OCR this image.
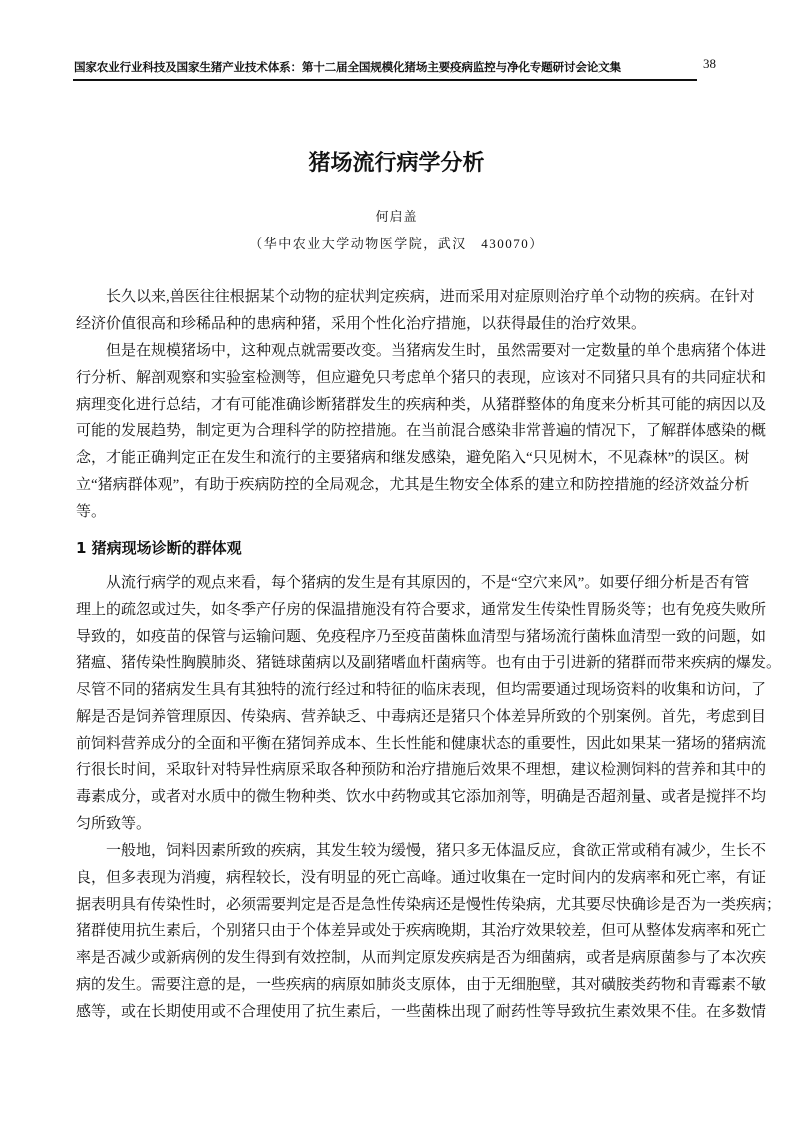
国家农业行业科技及国家生猪产业技术体系：第十二届全国规模化猪场主要疫病监控与净化专题研讨会论文集	38
猪场流行病学分析
何启盖
（华中农业大学动物医学院，武汉　430070）
长久以来,兽医往往根据某个动物的症状判定疾病，进而采用对症原则治疗单个动物的疾病。在针对
经济价值很高和珍稀品种的患病种猪，采用个性化治疗措施，以获得最佳的治疗效果。
但是在规模猪场中，这种观点就需要改变。当猪病发生时，虽然需要对一定数量的单个患病猪个体进
行分析、解剖观察和实验室检测等，但应避免只考虑单个猪只的表现，应该对不同猪只具有的共同症状和
病理变化进行总结，才有可能准确诊断猪群发生的疾病种类，从猪群整体的角度来分析其可能的病因以及
可能的发展趋势，制定更为合理科学的防控措施。在当前混合感染非常普遍的情况下，了解群体感染的概
念，才能正确判定正在发生和流行的主要猪病和继发感染，避免陷入“只见树木，不见森林”的误区。树
立“猪病群体观”，有助于疾病防控的全局观念，尤其是生物安全体系的建立和防控措施的经济效益分析
等。
1 猪病现场诊断的群体观
从流行病学的观点来看，每个猪病的发生是有其原因的，不是“空穴来风”。如要仔细分析是否有管
理上的疏忽或过失，如冬季产仔房的保温措施没有符合要求，通常发生传染性胃肠炎等；也有免疫失败所
导致的，如疫苗的保管与运输问题、免疫程序乃至疫苗菌株血清型与猪场流行菌株血清型一致的问题，如
猪瘟、猪传染性胸膜肺炎、猪链球菌病以及副猪嗜血杆菌病等。也有由于引进新的猪群而带来疾病的爆发。
尽管不同的猪病发生具有其独特的流行经过和特征的临床表现，但均需要通过现场资料的收集和访问，了
解是否是饲养管理原因、传染病、营养缺乏、中毒病还是猪只个体差异所致的个别案例。首先，考虑到目
前饲料营养成分的全面和平衡在猪饲养成本、生长性能和健康状态的重要性，因此如果某一猪场的猪病流
行很长时间，采取针对特异性病原采取各种预防和治疗措施后效果不理想，建议检测饲料的营养和其中的
毒素成分，或者对水质中的微生物种类、饮水中药物或其它添加剂等，明确是否超剂量、或者是搅拌不均
匀所致等。
一般地，饲料因素所致的疾病，其发生较为缓慢，猪只多无体温反应，食欲正常或稍有减少，生长不
良，但多表现为消瘦，病程较长，没有明显的死亡高峰。通过收集在一定时间内的发病率和死亡率，有证
据表明具有传染性时，必须需要判定是否是急性传染病还是慢性传染病，尤其要尽快确诊是否为一类疾病；
猪群使用抗生素后，个别猪只由于个体差异或处于疾病晚期，其治疗效果较差，但可从整体发病率和死亡
率是否减少或新病例的发生得到有效控制，从而判定原发疾病是否为细菌病，或者是病原菌参与了本次疾
病的发生。需要注意的是，一些疾病的病原如肺炎支原体，由于无细胞壁，其对磺胺类药物和青霉素不敏
感等，或在长期使用或不合理使用了抗生素后，一些菌株出现了耐药性等导致抗生素效果不佳。在多数情
